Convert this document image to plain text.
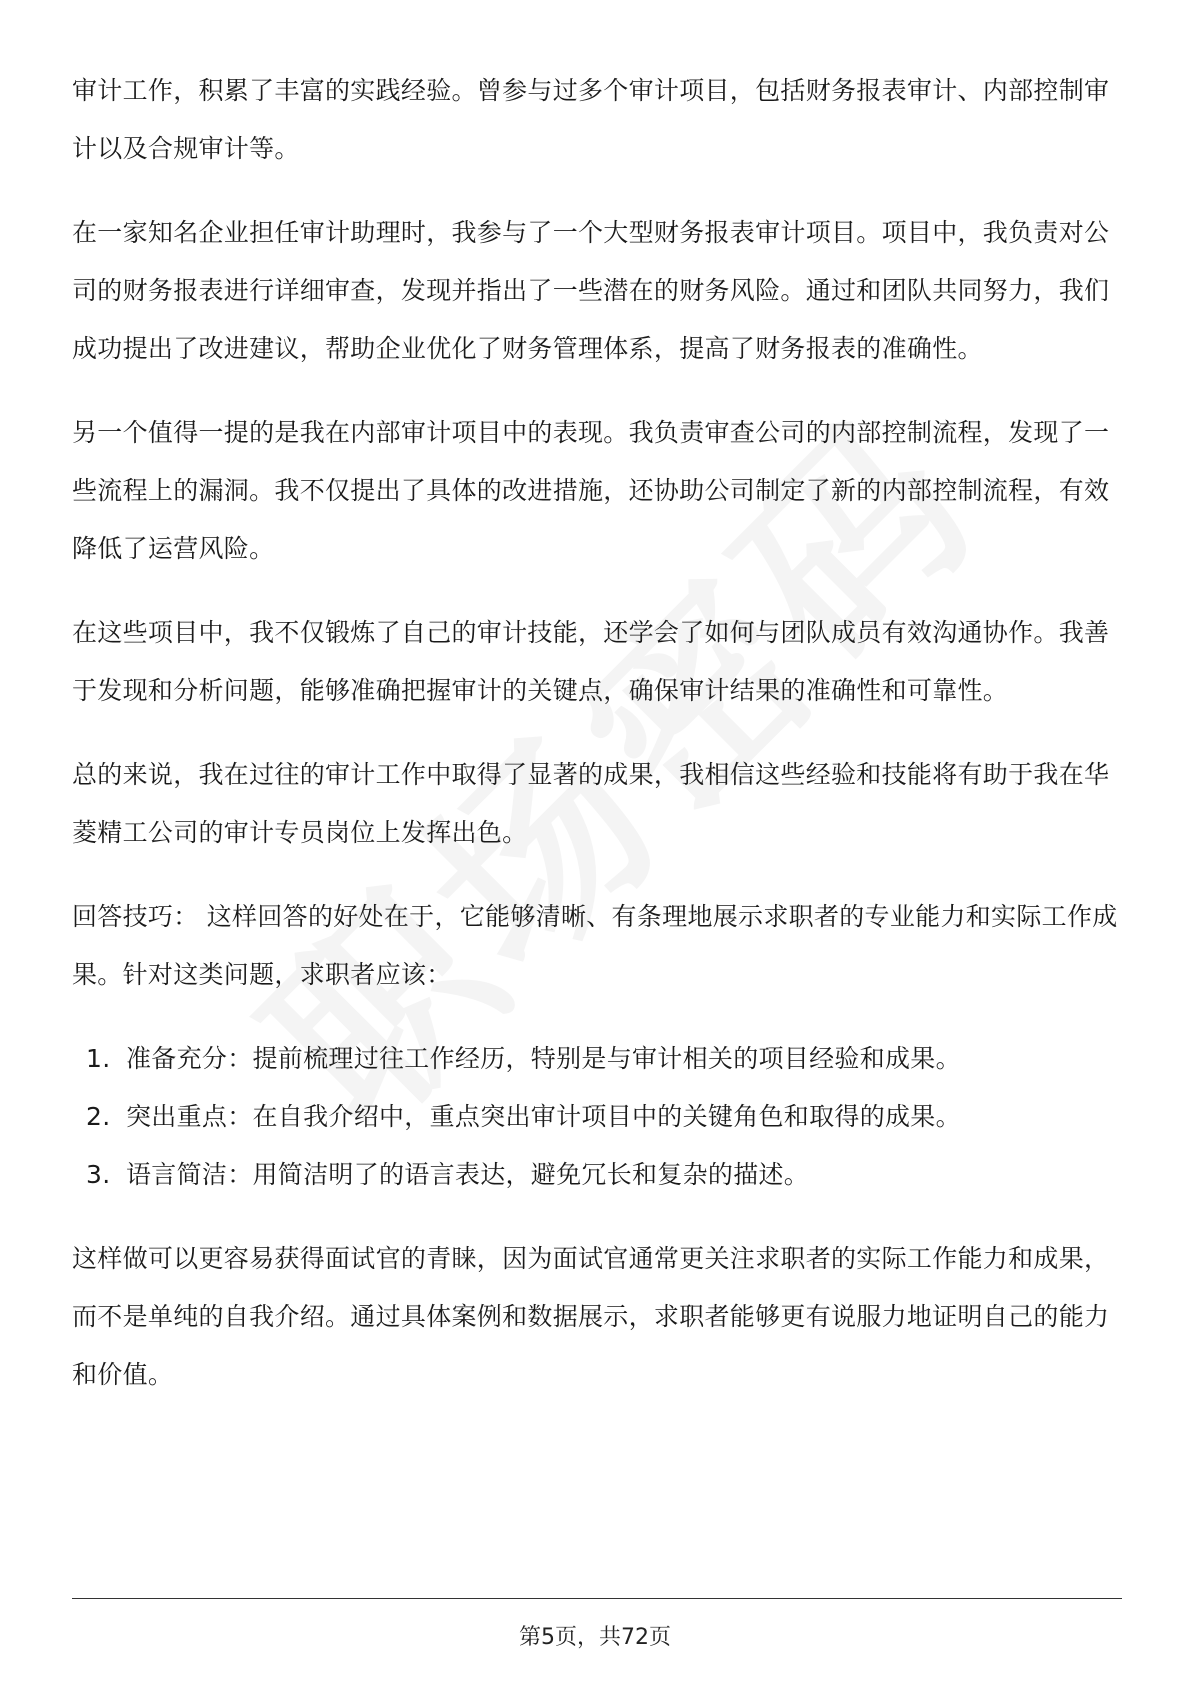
审计工作，积累了丰富的实践经验。曾参与过多个审计项目，包括财务报表审计、内部控制审计以及合规审计等。

在一家知名企业担任审计助理时，我参与了一个大型财务报表审计项目。项目中，我负责对公司的财务报表进行详细审查，发现并指出了一些潜在的财务风险。通过和团队共同努力，我们成功提出了改进建议，帮助企业优化了财务管理体系，提高了财务报表的准确性。

另一个值得一提的是我在内部审计项目中的表现。我负责审查公司的内部控制流程，发现了一些流程上的漏洞。我不仅提出了具体的改进措施，还协助公司制定了新的内部控制流程，有效降低了运营风险。

在这些项目中，我不仅锻炼了自己的审计技能，还学会了如何与团队成员有效沟通协作。我善于发现和分析问题，能够准确把握审计的关键点，确保审计结果的准确性和可靠性。

总的来说，我在过往的审计工作中取得了显著的成果，我相信这些经验和技能将有助于我在华菱精工公司的审计专员岗位上发挥出色。

回答技巧： 这样回答的好处在于，它能够清晰、有条理地展示求职者的专业能力和实际工作成果。针对这类问题，求职者应该：

1. 准备充分：提前梳理过往工作经历，特别是与审计相关的项目经验和成果。
2. 突出重点：在自我介绍中，重点突出审计项目中的关键角色和取得的成果。
3. 语言简洁：用简洁明了的语言表达，避免冗长和复杂的描述。

这样做可以更容易获得面试官的青睐，因为面试官通常更关注求职者的实际工作能力和成果，而不是单纯的自我介绍。通过具体案例和数据展示，求职者能够更有说服力地证明自己的能力和价值。

第5页，共72页
